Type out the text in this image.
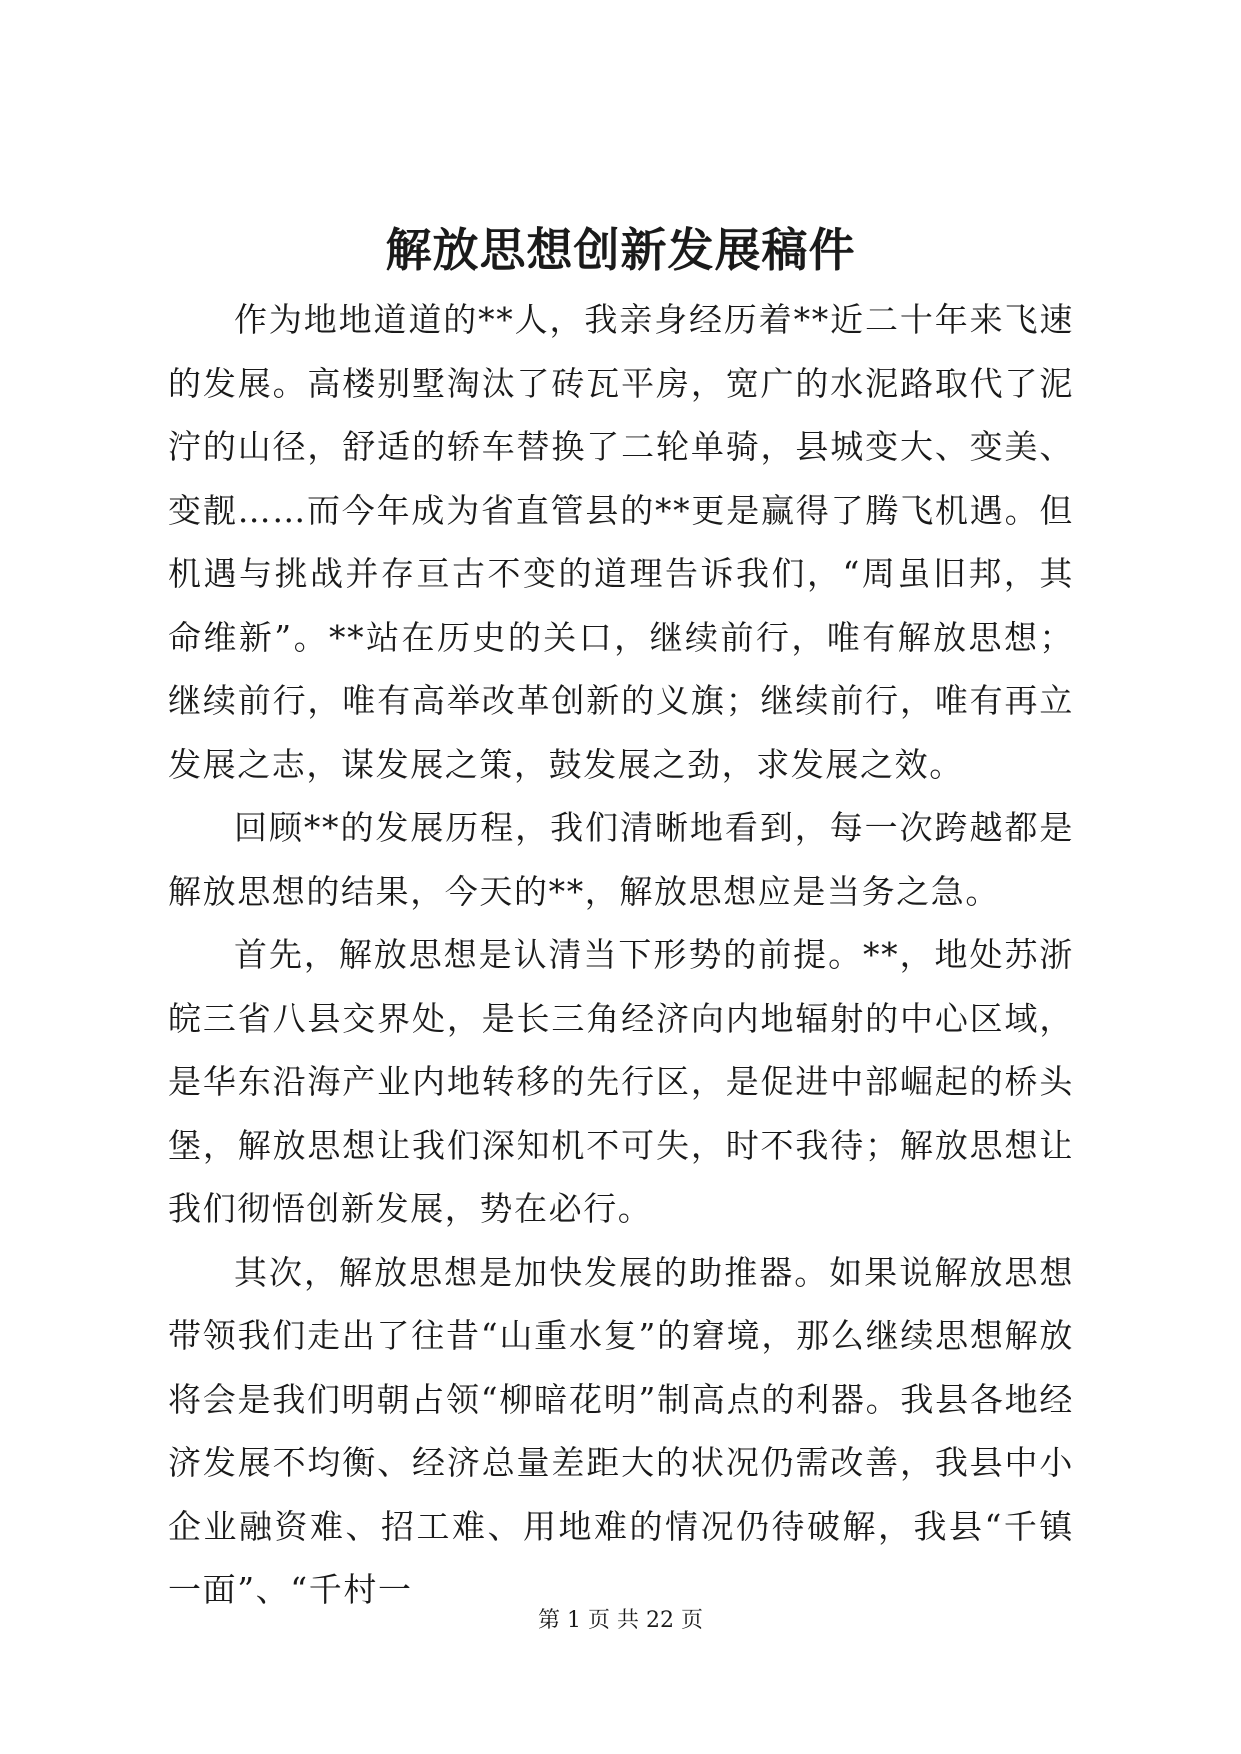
解放思想创新发展稿件

作为地地道道的**人，我亲身经历着**近二十年来飞速的发展。高楼别墅淘汰了砖瓦平房，宽广的水泥路取代了泥泞的山径，舒适的轿车替换了二轮单骑，县城变大、变美、变靓……而今年成为省直管县的**更是赢得了腾飞机遇。但机遇与挑战并存亘古不变的道理告诉我们，“周虽旧邦，其命维新”。**站在历史的关口，继续前行，唯有解放思想；继续前行，唯有高举改革创新的义旗；继续前行，唯有再立发展之志，谋发展之策，鼓发展之劲，求发展之效。

回顾**的发展历程，我们清晰地看到，每一次跨越都是解放思想的结果，今天的**，解放思想应是当务之急。

首先，解放思想是认清当下形势的前提。**，地处苏浙皖三省八县交界处，是长三角经济向内地辐射的中心区域，是华东沿海产业内地转移的先行区，是促进中部崛起的桥头堡，解放思想让我们深知机不可失，时不我待；解放思想让我们彻悟创新发展，势在必行。

其次，解放思想是加快发展的助推器。如果说解放思想带领我们走出了往昔“山重水复”的窘境，那么继续思想解放将会是我们明朝占领“柳暗花明”制高点的利器。我县各地经济发展不均衡、经济总量差距大的状况仍需改善，我县中小企业融资难、招工难、用地难的情况仍待破解，我县“千镇一面”、“千村一

第 1 页 共 22 页
